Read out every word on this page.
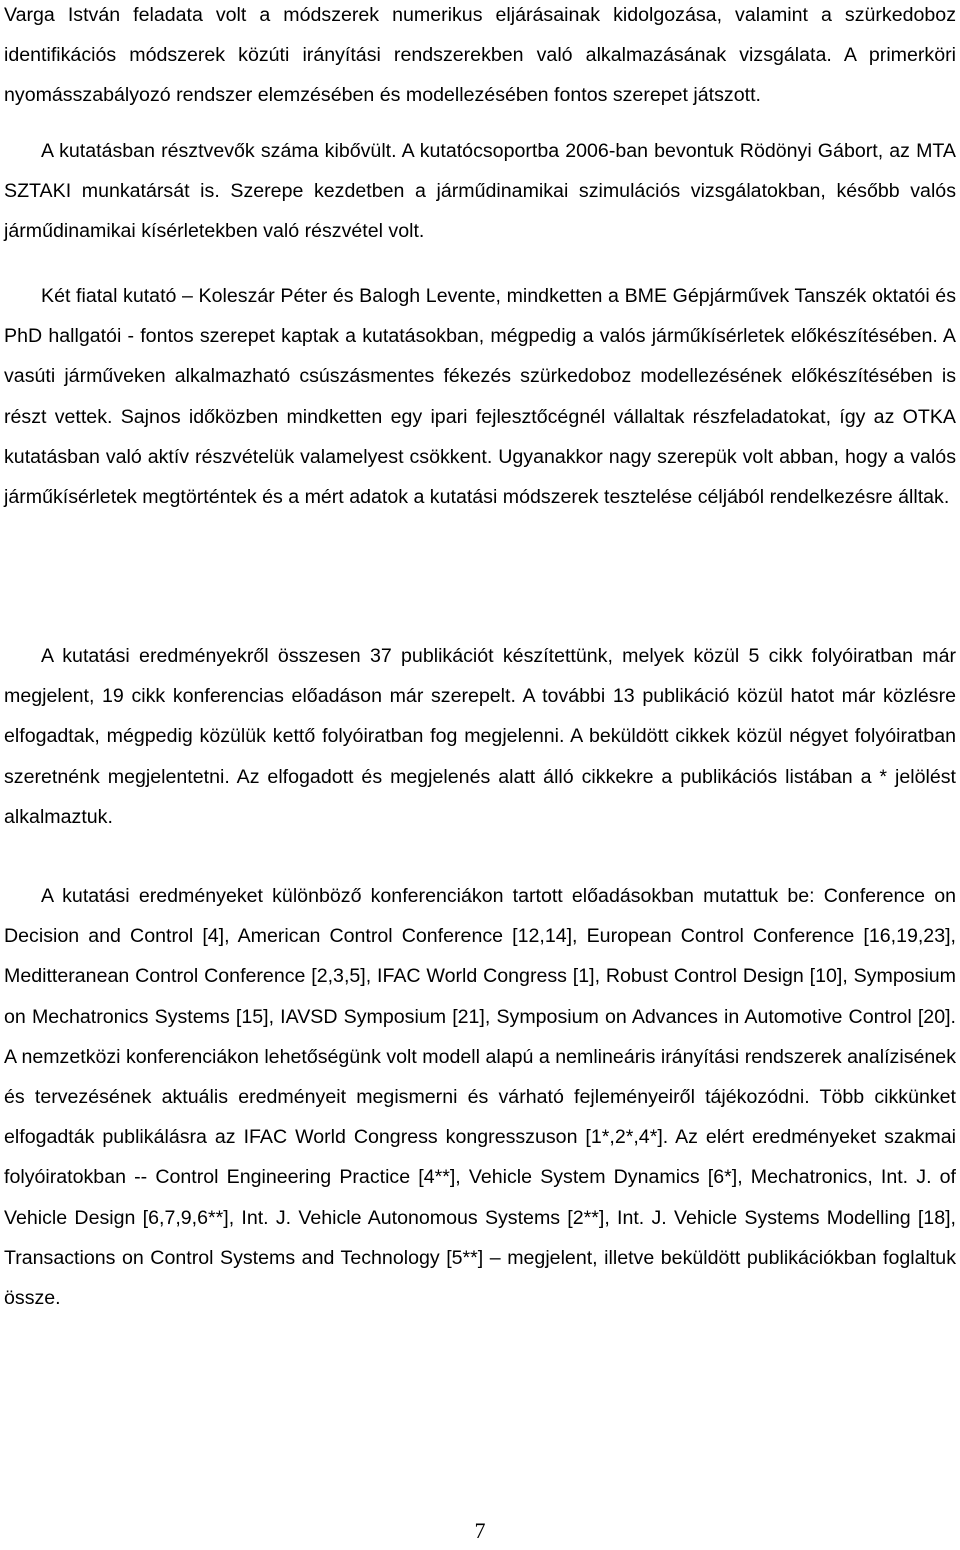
Varga István feladata volt a módszerek numerikus eljárásainak kidolgozása, valamint a szürkedoboz identifikációs módszerek közúti irányítási rendszerekben való alkalmazásának vizsgálata. A primerköri nyomásszabályozó rendszer elemzésében és modellezésében fontos szerepet játszott.

A kutatásban résztvevők száma kibővült. A kutatócsoportba 2006-ban bevontuk Rödönyi Gábort, az MTA SZTAKI munkatársát is. Szerepe kezdetben a járműdinamikai szimulációs vizsgálatokban, később valós járműdinamikai kísérletekben való részvétel volt.

Két fiatal kutató – Koleszár Péter és Balogh Levente, mindketten a BME Gépjárművek Tanszék oktatói és PhD hallgatói - fontos szerepet kaptak a kutatásokban, mégpedig a valós járműkísérletek előkészítésében. A vasúti járműveken alkalmazható csúszásmentes fékezés szürkedoboz modellezésének előkészítésében is részt vettek. Sajnos időközben mindketten egy ipari fejlesztőcégnél vállaltak részfeladatokat, így az OTKA kutatásban való aktív részvételük valamelyest csökkent. Ugyanakkor nagy szerepük volt abban, hogy a valós járműkísérletek megtörténtek és a mért adatok a kutatási módszerek tesztelése céljából rendelkezésre álltak.

A kutatási eredményekről összesen 37 publikációt készítettünk, melyek közül 5 cikk folyóiratban már megjelent, 19 cikk konferencias előadáson már szerepelt. A további 13 publikáció közül hatot már közlésre elfogadtak, mégpedig közülük kettő folyóiratban fog megjelenni. A beküldött cikkek közül négyet folyóiratban szeretnénk megjelentetni. Az elfogadott és megjelenés alatt álló cikkekre a publikációs listában a * jelölést alkalmaztuk.

A kutatási eredményeket különböző konferenciákon tartott előadásokban mutattuk be: Conference on Decision and Control [4], American Control Conference [12,14], European Control Conference [16,19,23], Meditteranean Control Conference [2,3,5], IFAC World Congress [1], Robust Control Design [10], Symposium on Mechatronics Systems [15], IAVSD Symposium [21], Symposium on Advances in Automotive Control [20]. A nemzetközi konferenciákon lehetőségünk volt modell alapú a nemlineáris irányítási rendszerek analízisének és tervezésének aktuális eredményeit megismerni és várható fejleményeiről tájékozódni. Több cikkünket elfogadták publikálásra az IFAC World Congress kongresszuson [1*,2*,4*]. Az elért eredményeket szakmai folyóiratokban -- Control Engineering Practice [4**], Vehicle System Dynamics [6*], Mechatronics, Int. J. of Vehicle Design [6,7,9,6**], Int. J. Vehicle Autonomous Systems [2**], Int. J. Vehicle Systems Modelling [18], Transactions on Control Systems and Technology [5**] – megjelent, illetve beküldött publikációkban foglaltuk össze.

7
